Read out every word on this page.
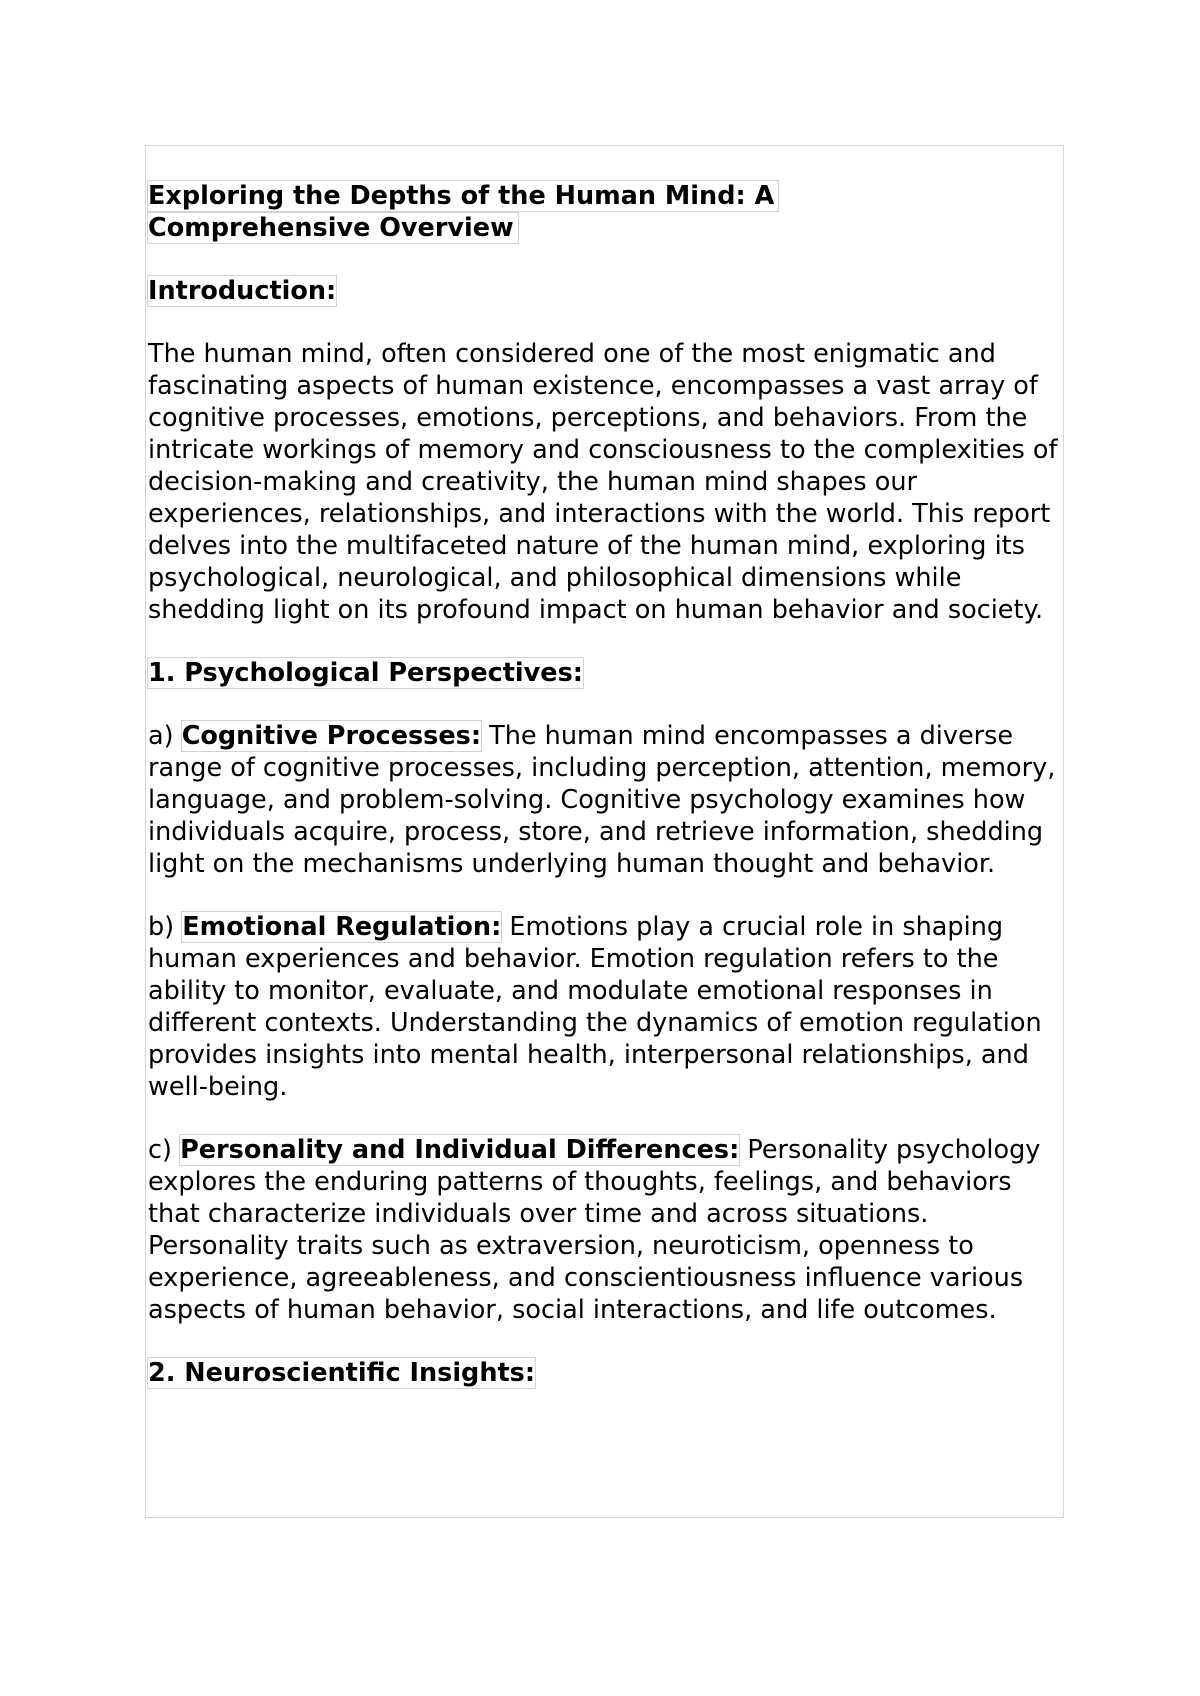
Exploring the Depths of the Human Mind: A
Comprehensive Overview
Introduction:

The human mind, often considered one of the most enigmatic and fascinating aspects of human existence, encompasses a vast array of cognitive processes, emotions, perceptions, and behaviors. From the intricate workings of memory and consciousness to the complexities of decision-making and creativity, the human mind shapes our experiences, relationships, and interactions with the world. This report delves into the multifaceted nature of the human mind, exploring its psychological, neurological, and philosophical dimensions while shedding light on its profound impact on human behavior and society.

1. Psychological Perspectives:

a) Cognitive Processes: The human mind encompasses a diverse range of cognitive processes, including perception, attention, memory, language, and problem-solving. Cognitive psychology examines how individuals acquire, process, store, and retrieve information, shedding light on the mechanisms underlying human thought and behavior.

b) Emotional Regulation: Emotions play a crucial role in shaping human experiences and behavior. Emotion regulation refers to the ability to monitor, evaluate, and modulate emotional responses in different contexts. Understanding the dynamics of emotion regulation provides insights into mental health, interpersonal relationships, and well-being.

c) Personality and Individual Differences: Personality psychology explores the enduring patterns of thoughts, feelings, and behaviors that characterize individuals over time and across situations. Personality traits such as extraversion, neuroticism, openness to experience, agreeableness, and conscientiousness influence various aspects of human behavior, social interactions, and life outcomes.

2. Neuroscientific Insights:
